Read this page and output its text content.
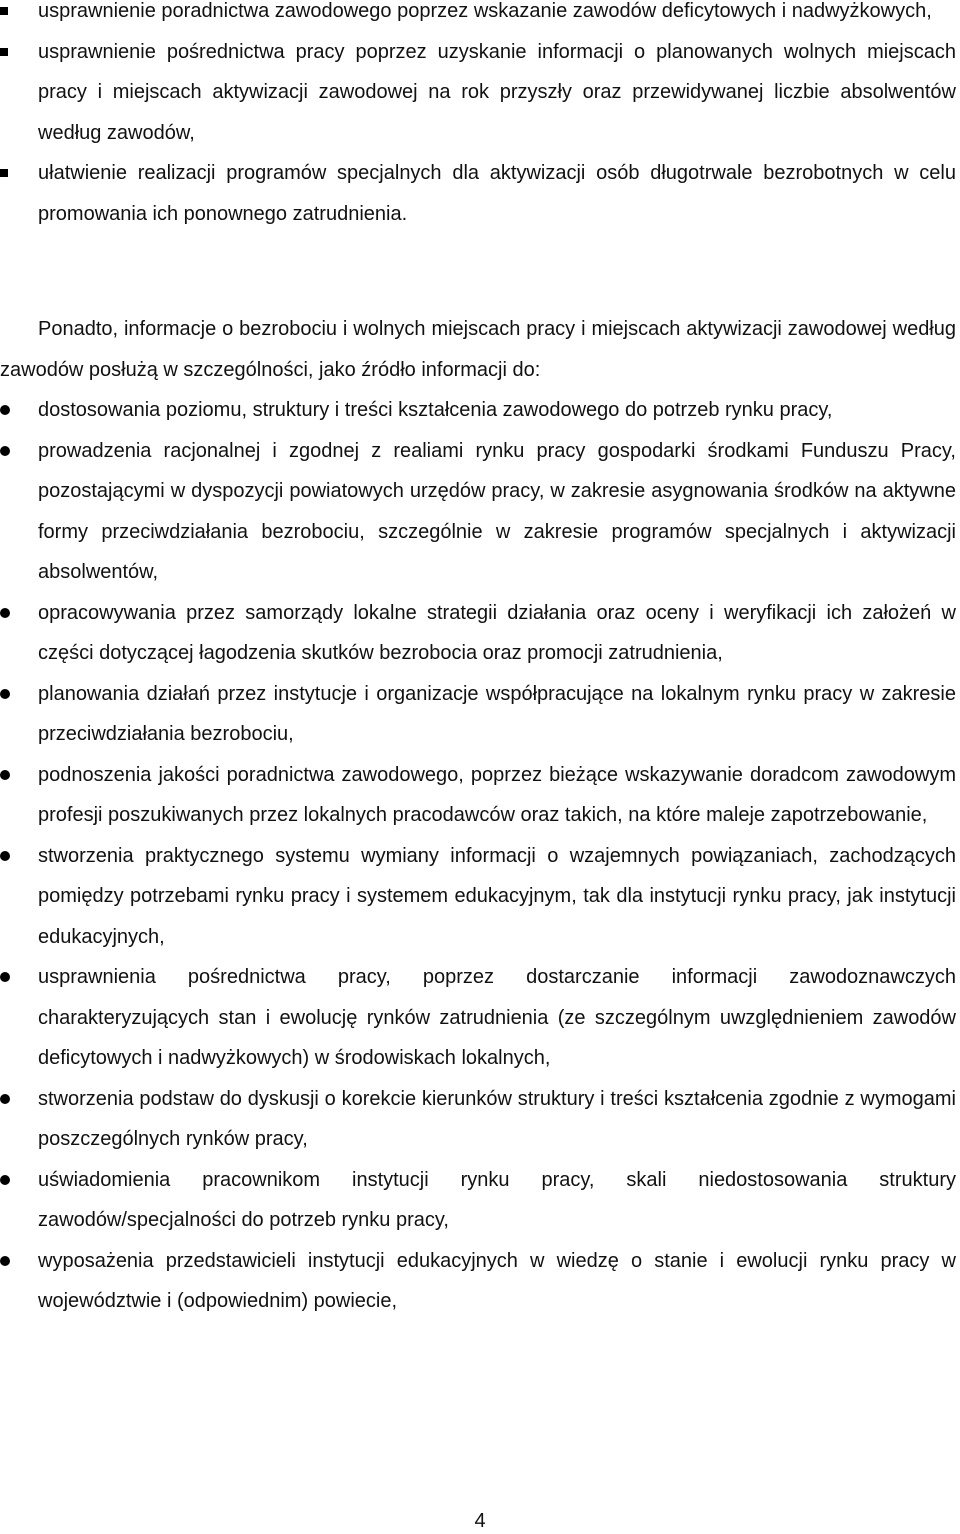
usprawnienie poradnictwa zawodowego poprzez wskazanie zawodów deficytowych i nadwyżkowych,
usprawnienie pośrednictwa pracy poprzez uzyskanie informacji o planowanych wolnych miejscach pracy i miejscach aktywizacji zawodowej na rok przyszły oraz przewidywanej liczbie absolwentów według zawodów,
ułatwienie realizacji programów specjalnych dla aktywizacji osób długotrwale bezrobotnych w celu promowania ich ponownego zatrudnienia.

Ponadto, informacje o bezrobociu i wolnych miejscach pracy i miejscach aktywizacji zawodowej według zawodów posłużą w szczególności, jako źródło informacji do:

dostosowania poziomu, struktury i treści kształcenia zawodowego do potrzeb rynku pracy,
prowadzenia racjonalnej i zgodnej z realiami rynku pracy gospodarki środkami Funduszu Pracy, pozostającymi w dyspozycji powiatowych urzędów pracy, w zakresie asygnowania środków na aktywne formy przeciwdziałania bezrobociu, szczególnie w zakresie programów specjalnych i aktywizacji absolwentów,
opracowywania przez samorządy lokalne strategii działania oraz oceny i weryfikacji ich założeń w części dotyczącej łagodzenia skutków bezrobocia oraz promocji zatrudnienia,
planowania działań przez instytucje i organizacje współpracujące na lokalnym rynku pracy w zakresie przeciwdziałania bezrobociu,
podnoszenia jakości poradnictwa zawodowego, poprzez bieżące wskazywanie doradcom zawodowym profesji poszukiwanych przez lokalnych pracodawców oraz takich, na które maleje zapotrzebowanie,
stworzenia praktycznego systemu wymiany informacji o wzajemnych powiązaniach, zachodzących pomiędzy potrzebami rynku pracy i systemem edukacyjnym, tak dla instytucji rynku pracy, jak instytucji edukacyjnych,
usprawnienia pośrednictwa pracy, poprzez dostarczanie informacji zawodoznawczych charakteryzujących stan i ewolucję rynków zatrudnienia (ze szczególnym uwzględnieniem zawodów deficytowych i nadwyżkowych) w środowiskach lokalnych,
stworzenia podstaw do dyskusji o korekcie kierunków struktury i treści kształcenia zgodnie z wymogami poszczególnych rynków pracy,
uświadomienia pracownikom instytucji rynku pracy, skali niedostosowania struktury zawodów/specjalności do potrzeb rynku pracy,
wyposażenia przedstawicieli instytucji edukacyjnych w wiedzę o stanie i ewolucji rynku pracy w województwie i (odpowiednim) powiecie,
4
